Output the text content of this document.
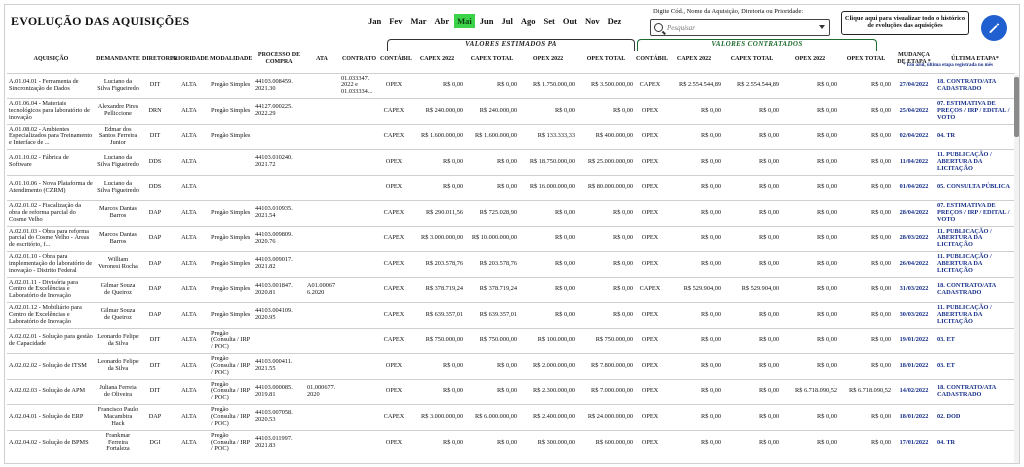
EVOLUÇÃO DAS AQUISIÇÕES	Jan Fev Mar Abr Mai Jun Jul Ago Set Out Nov Dez
Digite Cód., Nome da Aquisição, Diretoria ou Prioridade:
Pesquisar
Clique aqui para visualizar todo o histórico de evoluções das aquisições
VALORES ESTIMADOS PA	VALORES CONTRATADOS
* Em azul, última etapa registrada no mês
AQUISIÇÃO	DEMANDANTE	DIRETORIA	PRIORIDADE	MODALIDADE	PROCESSO DE COMPRA	ATA	CONTRATO	CONTÁBIL	CAPEX 2022	CAPEX TOTAL	OPEX 2022	OPEX TOTAL	CONTÁBIL	CAPEX 2022	CAPEX TOTAL	OPEX 2022	OPEX TOTAL	MUDANÇA DE ETAPA *	ÚLTIMA ETAPA*
A.01.04.01 - Ferramenta de Sincronização de Dados	Luciano da Silva Figueiredo	DIT	ALTA	Pregão Simples	44103.008459. 2021.30		01.033347. 2022 e 01.033334...	OPEX	R$ 0,00	R$ 0,00	R$ 1.750.000,00	R$ 3.500.000,00	CAPEX	R$ 2.554.544,89	R$ 2.554.544,89	R$ 0,00	R$ 0,00	27/04/2022	18. CONTRATO/ATA CADASTRADO
A.01.06.04 - Materiais tecnológicos para laboratório de inovação	Alexandre Pires Pelliccione	DRN	ALTA	Pregão Simples	44127.000225. 2022.29			CAPEX	R$ 240.000,00	R$ 240.000,00	R$ 0,00	R$ 0,00	OPEX	R$ 0,00	R$ 0,00	R$ 0,00	R$ 0,00	25/04/2022	07. ESTIMATIVA DE PREÇOS / IRP / EDITAL / VOTO
A.01.08.02 - Ambientes Especializados para Treinamento e Interface de ...	Edmar dos Santos Ferreira Junior	DIT	ALTA	Pregão Simples				CAPEX	R$ 1.600.000,00	R$ 1.600.000,00	R$ 133.333,33	R$ 400.000,00	OPEX	R$ 0,00	R$ 0,00	R$ 0,00	R$ 0,00	02/04/2022	04. TR
A.01.10.02 - Fábrica de Software	Luciano da Silva Figueiredo	DDS	ALTA		44103.010240. 2021.72			OPEX	R$ 0,00	R$ 0,00	R$ 18.750.000,00	R$ 25.000.000,00	OPEX	R$ 0,00	R$ 0,00	R$ 0,00	R$ 0,00	11/04/2022	11. PUBLICAÇÃO / ABERTURA DA LICITAÇÃO
A.01.10.06 - Nova Plataforma de Atendimento (CZRM)	Luciano da Silva Figueiredo	DDS	ALTA					OPEX	R$ 0,00	R$ 0,00	R$ 16.000.000,00	R$ 80.000.000,00	OPEX	R$ 0,00	R$ 0,00	R$ 0,00	R$ 0,00	01/04/2022	05. CONSULTA PÚBLICA
A.02.01.02 - Fiscalização da obra de reforma parcial do Cosme Velho	Marcos Dantas Barros	DAP	ALTA	Pregão Simples	44103.010935. 2021.54			CAPEX	R$ 290.011,56	R$ 725.028,90	R$ 0,00	R$ 0,00	OPEX	R$ 0,00	R$ 0,00	R$ 0,00	R$ 0,00	28/04/2022	07. ESTIMATIVA DE PREÇOS / IRP / EDITAL / VOTO
A.02.01.03 - Obra para reforma parcial do Cosme Velho - Áreas de escritório, f...	Marcos Dantas Barros	DAP	ALTA	Pregão Simples	44103.009809. 2020.76			CAPEX	R$ 3.000.000,00	R$ 10.000.000,00	R$ 0,00	R$ 0,00	OPEX	R$ 0,00	R$ 0,00	R$ 0,00	R$ 0,00	28/03/2022	11. PUBLICAÇÃO / ABERTURA DA LICITAÇÃO
A.02.01.10 - Obra para implementação do laboratório de inovação - Distrito Federal	William Veronesi Rocha	DAP	ALTA	Pregão Simples	44103.009017. 2021.82			CAPEX	R$ 203.578,76	R$ 203.578,76	R$ 0,00	R$ 0,00	OPEX	R$ 0,00	R$ 0,00	R$ 0,00	R$ 0,00	26/04/2022	11. PUBLICAÇÃO / ABERTURA DA LICITAÇÃO
A.02.01.11 - Divisória para Centro de Excelências e Laboratório de Inovação	Gilmar Souza de Queiroz	DAP	ALTA	Pregão Simples	44103.001847. 2020.81	A01.00067 6.2020		CAPEX	R$ 378.719,24	R$ 378.719,24	R$ 0,00	R$ 0,00	CAPEX	R$ 529.904,00	R$ 529.904,00	R$ 0,00	R$ 0,00	31/03/2022	18. CONTRATO/ATA CADASTRADO
A.02.01.12 - Mobiliário para Centro de Excelências e Laboratório de Inovação	Gilmar Souza de Queiroz	DAP	ALTA	Pregão Simples	44103.004109. 2020.95			CAPEX	R$ 639.357,01	R$ 639.357,01	R$ 0,00	R$ 0,00	OPEX	R$ 0,00	R$ 0,00	R$ 0,00	R$ 0,00	30/03/2022	11. PUBLICAÇÃO / ABERTURA DA LICITAÇÃO
A.02.02.01 - Solução para gestão de Capacidade	Leonardo Felipe da Silva	DIT	ALTA	Pregão (Consulta / IRP / POC)				CAPEX	R$ 750.000,00	R$ 750.000,00	R$ 100.000,00	R$ 750.000,00	OPEX	R$ 0,00	R$ 0,00	R$ 0,00	R$ 0,00	19/01/2022	03. ET
A.02.02.02 - Solução de ITSM	Leonardo Felipe da Silva	DIT	ALTA	Pregão (Consulta / IRP / POC)	44103.000411. 2021.55			OPEX	R$ 0,00	R$ 0,00	R$ 2.000.000,00	R$ 7.800.000,00	OPEX	R$ 0,00	R$ 0,00	R$ 0,00	R$ 0,00	18/01/2022	03. ET
A.02.02.03 - Solução de APM	Juliana Ferreia de Oliveira	DIT	ALTA	Pregão (Consulta / IRP / POC)	44103.000085. 2019.81	01.000677. 2020		OPEX	R$ 0,00	R$ 0,00	R$ 2.300.000,00	R$ 7.000.000,00	OPEX	R$ 0,00	R$ 0,00	R$ 6.718.090,52	R$ 6.718.090,52	14/02/2022	18. CONTRATO/ATA CADASTRADO
A.02.04.01 - Solução de ERP	Francisco Paulo Macambira Hack	DAP	ALTA	Pregão (Consulta / IRP / POC)	44103.007058. 2020.53			CAPEX	R$ 3.000.000,00	R$ 6.000.000,00	R$ 2.400.000,00	R$ 24.000.000,00	OPEX	R$ 0,00	R$ 0,00	R$ 0,00	R$ 0,00	18/01/2022	02. DOD
A.02.04.02 - Solução de BPMS	Frankmar Ferreira Fortaleza	DGI	ALTA	Pregão (Consulta / IRP / POC)	44103.011997. 2021.83			OPEX	R$ 0,00	R$ 0,00	R$ 300.000,00	R$ 600.000,00	OPEX	R$ 0,00	R$ 0,00	R$ 0,00	R$ 0,00	17/01/2022	04. TR
